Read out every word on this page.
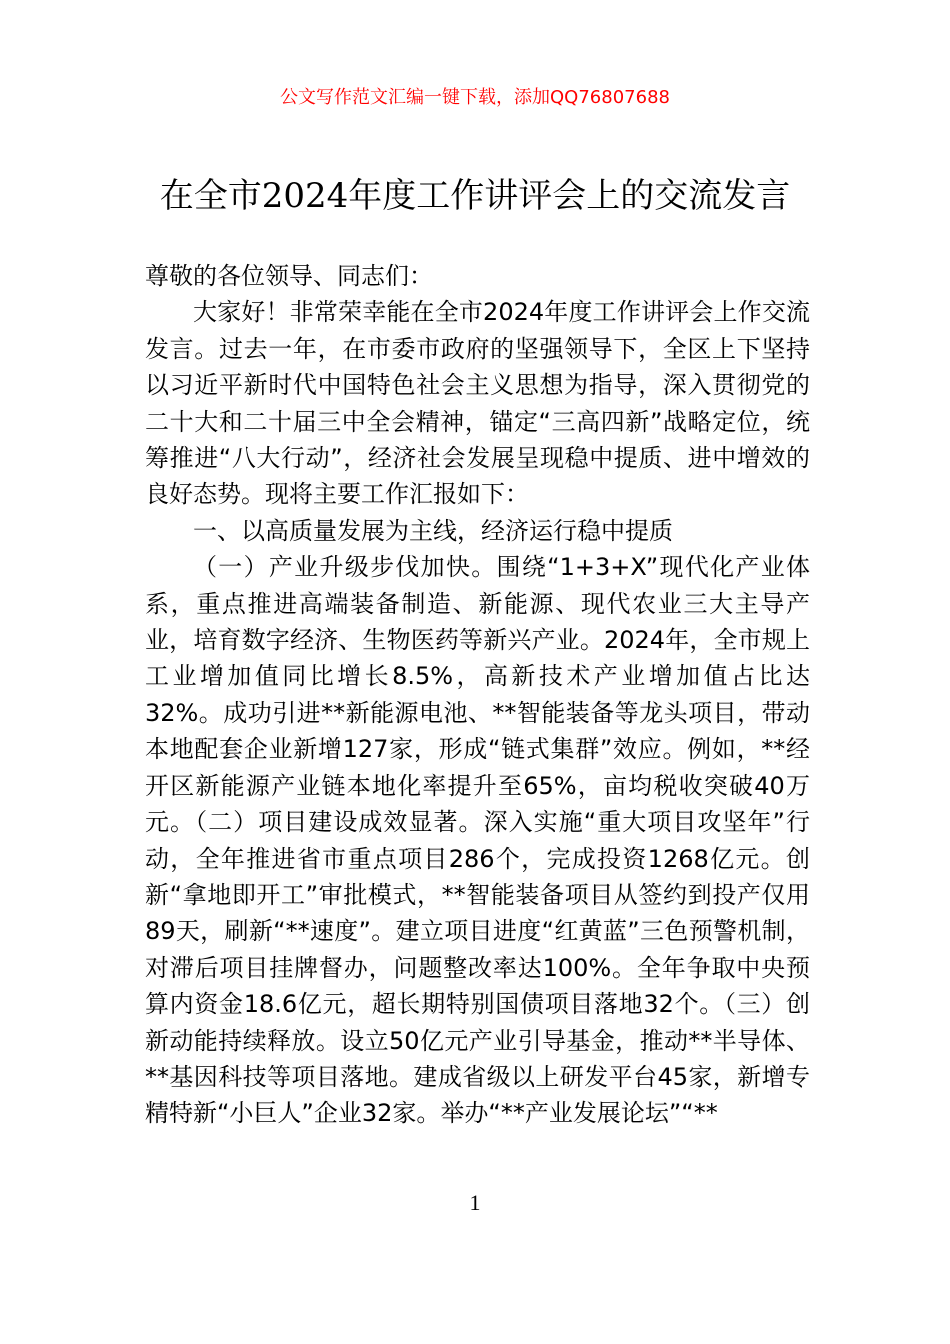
公文写作范文汇编一键下载，添加QQ76807688
在全市2024年度工作讲评会上的交流发言

尊敬的各位领导、同志们：

大家好！非常荣幸能在全市2024年度工作讲评会上作交流发言。过去一年，在市委市政府的坚强领导下，全区上下坚持以习近平新时代中国特色社会主义思想为指导，深入贯彻党的二十大和二十届三中全会精神，锚定“三高四新”战略定位，统筹推进“八大行动”，经济社会发展呈现稳中提质、进中增效的良好态势。现将主要工作汇报如下：

一、以高质量发展为主线，经济运行稳中提质

（一）产业升级步伐加快。围绕“1+3+X”现代化产业体系，重点推进高端装备制造、新能源、现代农业三大主导产业，培育数字经济、生物医药等新兴产业。2024年，全市规上工业增加值同比增长8.5%，高新技术产业增加值占比达32%。成功引进**新能源电池、**智能装备等龙头项目，带动本地配套企业新增127家，形成“链式集群”效应。例如，**经开区新能源产业链本地化率提升至65%，亩均税收突破40万元。（二）项目建设成效显著。深入实施“重大项目攻坚年”行动，全年推进省市重点项目286个，完成投资1268亿元。创新“拿地即开工”审批模式，**智能装备项目从签约到投产仅用89天，刷新“**速度”。建立项目进度“红黄蓝”三色预警机制，对滞后项目挂牌督办，问题整改率达100%。全年争取中央预算内资金18.6亿元，超长期特别国债项目落地32个。（三）创新动能持续释放。设立50亿元产业引导基金，推动**半导体、**基因科技等项目落地。建成省级以上研发平台45家，新增专精特新“小巨人”企业32家。举办“**产业发展论坛”“**

1
